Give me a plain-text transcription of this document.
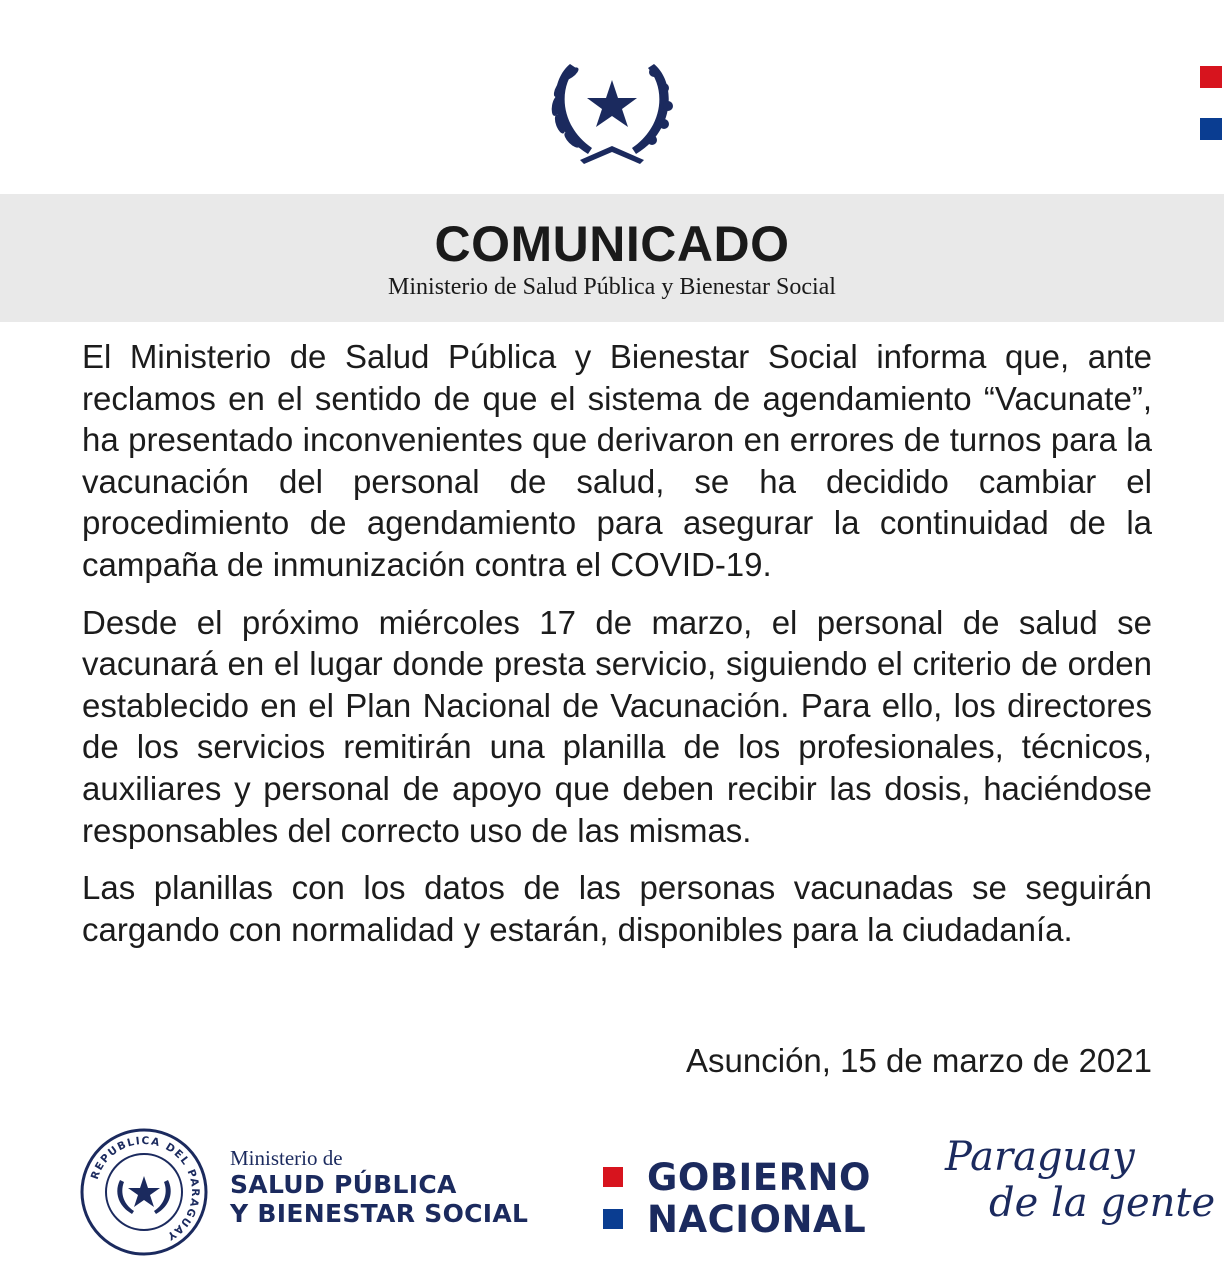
COMUNICADO
Ministerio de Salud Pública y Bienestar Social

El Ministerio de Salud Pública y Bienestar Social informa que, ante reclamos en el sentido de que el sistema de agendamiento “Vacunate”, ha presentado inconvenientes que derivaron en errores de turnos para la vacunación del personal de salud, se ha decidido cambiar el procedimiento de agendamiento para asegurar la continuidad de la campaña de inmunización contra el COVID-19.

Desde el próximo miércoles 17 de marzo, el personal de salud se vacunará en el lugar donde presta servicio, siguiendo el criterio de orden establecido en el Plan Nacional de Vacunación. Para ello, los directores de los servicios remitirán una planilla de los profesionales, técnicos, auxiliares y personal de apoyo que deben recibir las dosis, haciéndose responsables del correcto uso de las mismas.

Las planillas con los datos de las personas vacunadas se seguirán cargando con normalidad y estarán, disponibles para la ciudadanía.

Asunción, 15 de marzo de 2021
REPUBLICA DEL PARAGUAY
Ministerio de
SALUD PÚBLICA
Y BIENESTAR SOCIAL
GOBIERNO
NACIONAL
Paraguay
de la gente
